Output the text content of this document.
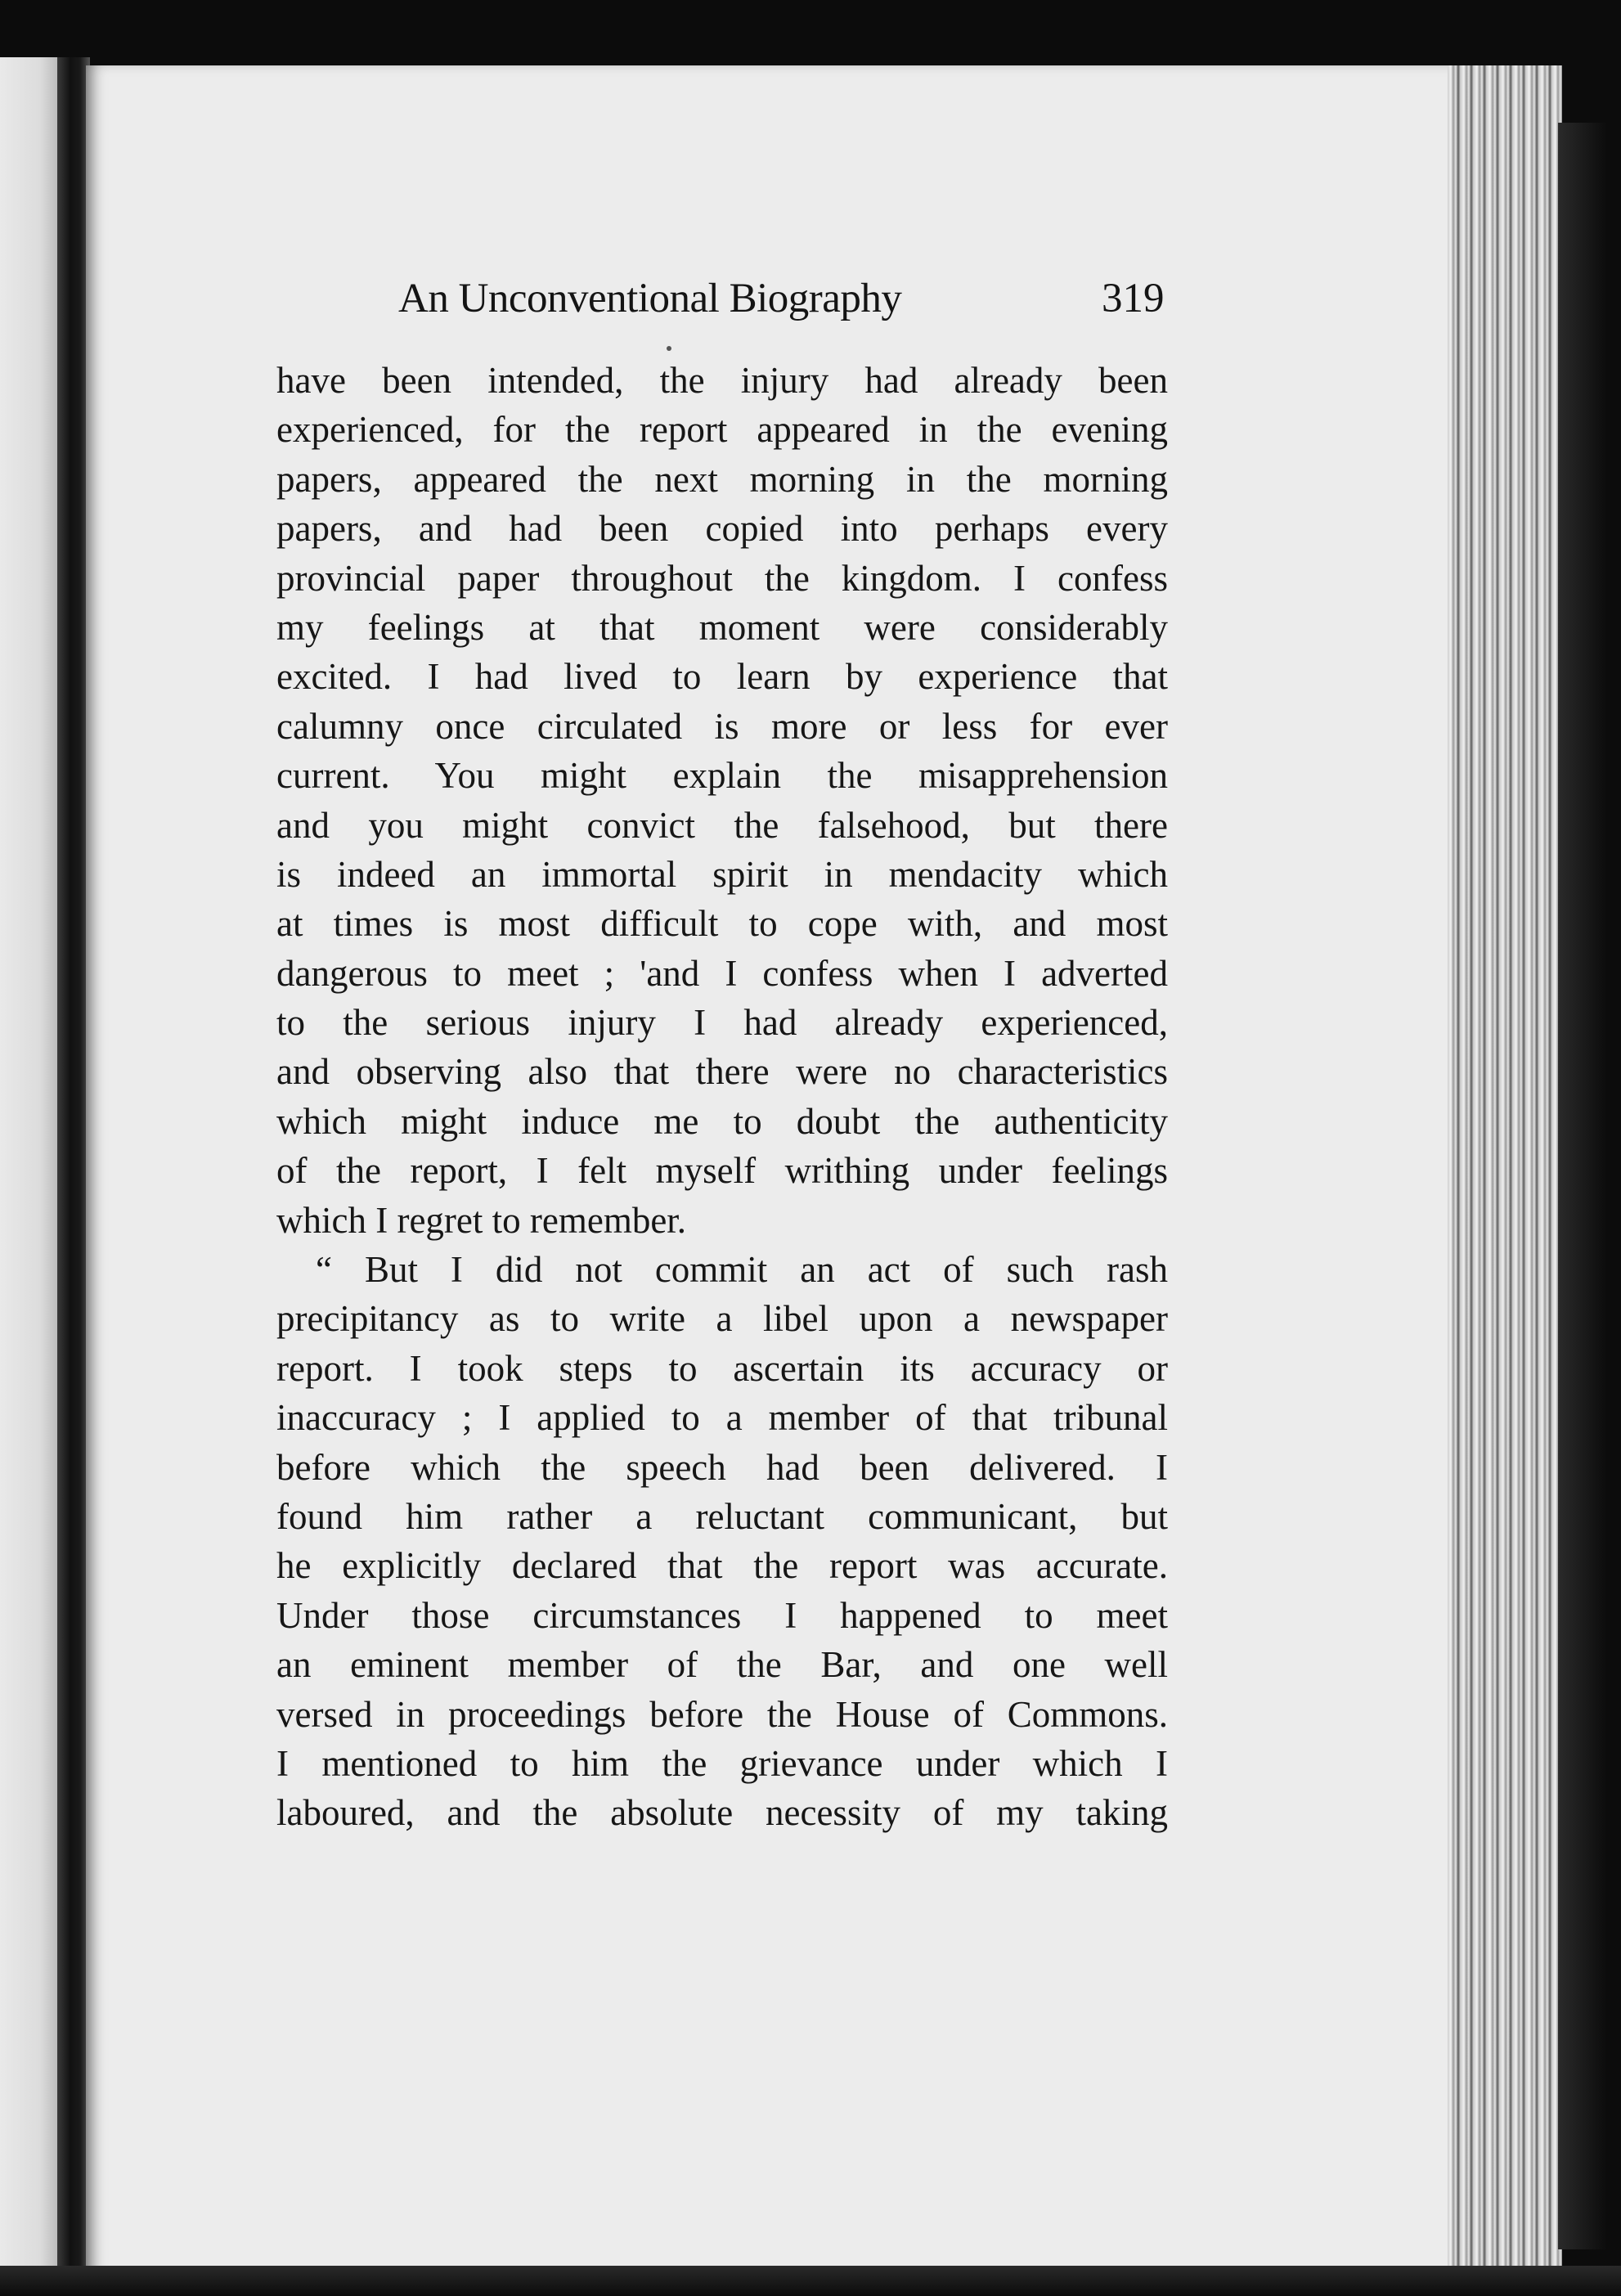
An Unconventional Biography	319
have been intended, the injury had already been
experienced, for the report appeared in the evening
papers, appeared the next morning in the morning
papers, and had been copied into perhaps every
provincial paper throughout the kingdom. I confess
my feelings at that moment were considerably
excited. I had lived to learn by experience that
calumny once circulated is more or less for ever
current. You might explain the misapprehension
and you might convict the falsehood, but there
is indeed an immortal spirit in mendacity which
at times is most difficult to cope with, and most
dangerous to meet ; 'and I confess when I adverted
to the serious injury I had already experienced,
and observing also that there were no characteristics
which might induce me to doubt the authenticity
of the report, I felt myself writhing under feelings
which I regret to remember.
“ But I did not commit an act of such rash
precipitancy as to write a libel upon a newspaper
report. I took steps to ascertain its accuracy or
inaccuracy ; I applied to a member of that tribunal
before which the speech had been delivered. I
found him rather a reluctant communicant, but
he explicitly declared that the report was accurate.
Under those circumstances I happened to meet
an eminent member of the Bar, and one well
versed in proceedings before the House of Commons.
I mentioned to him the grievance under which I
laboured, and the absolute necessity of my taking
